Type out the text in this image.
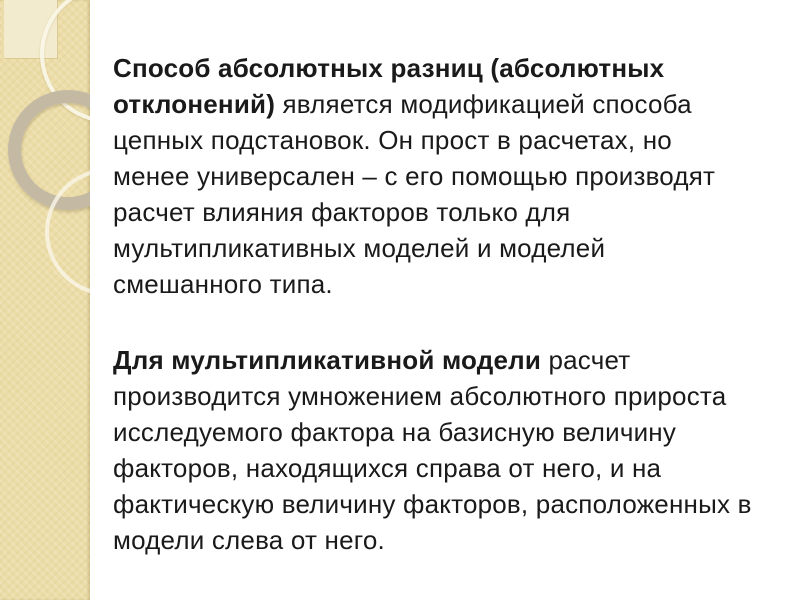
Способ абсолютных разниц (абсолютных отклонений) является модификацией способа цепных подстановок. Он прост в расчетах, но менее универсален – с его помощью производят расчет влияния факторов только для мультипликативных моделей и моделей смешанного типа.

Для мультипликативной модели расчет производится умножением абсолютного прироста исследуемого фактора на базисную величину факторов, находящихся справа от него, и на фактическую величину факторов, расположенных в модели слева от него.
